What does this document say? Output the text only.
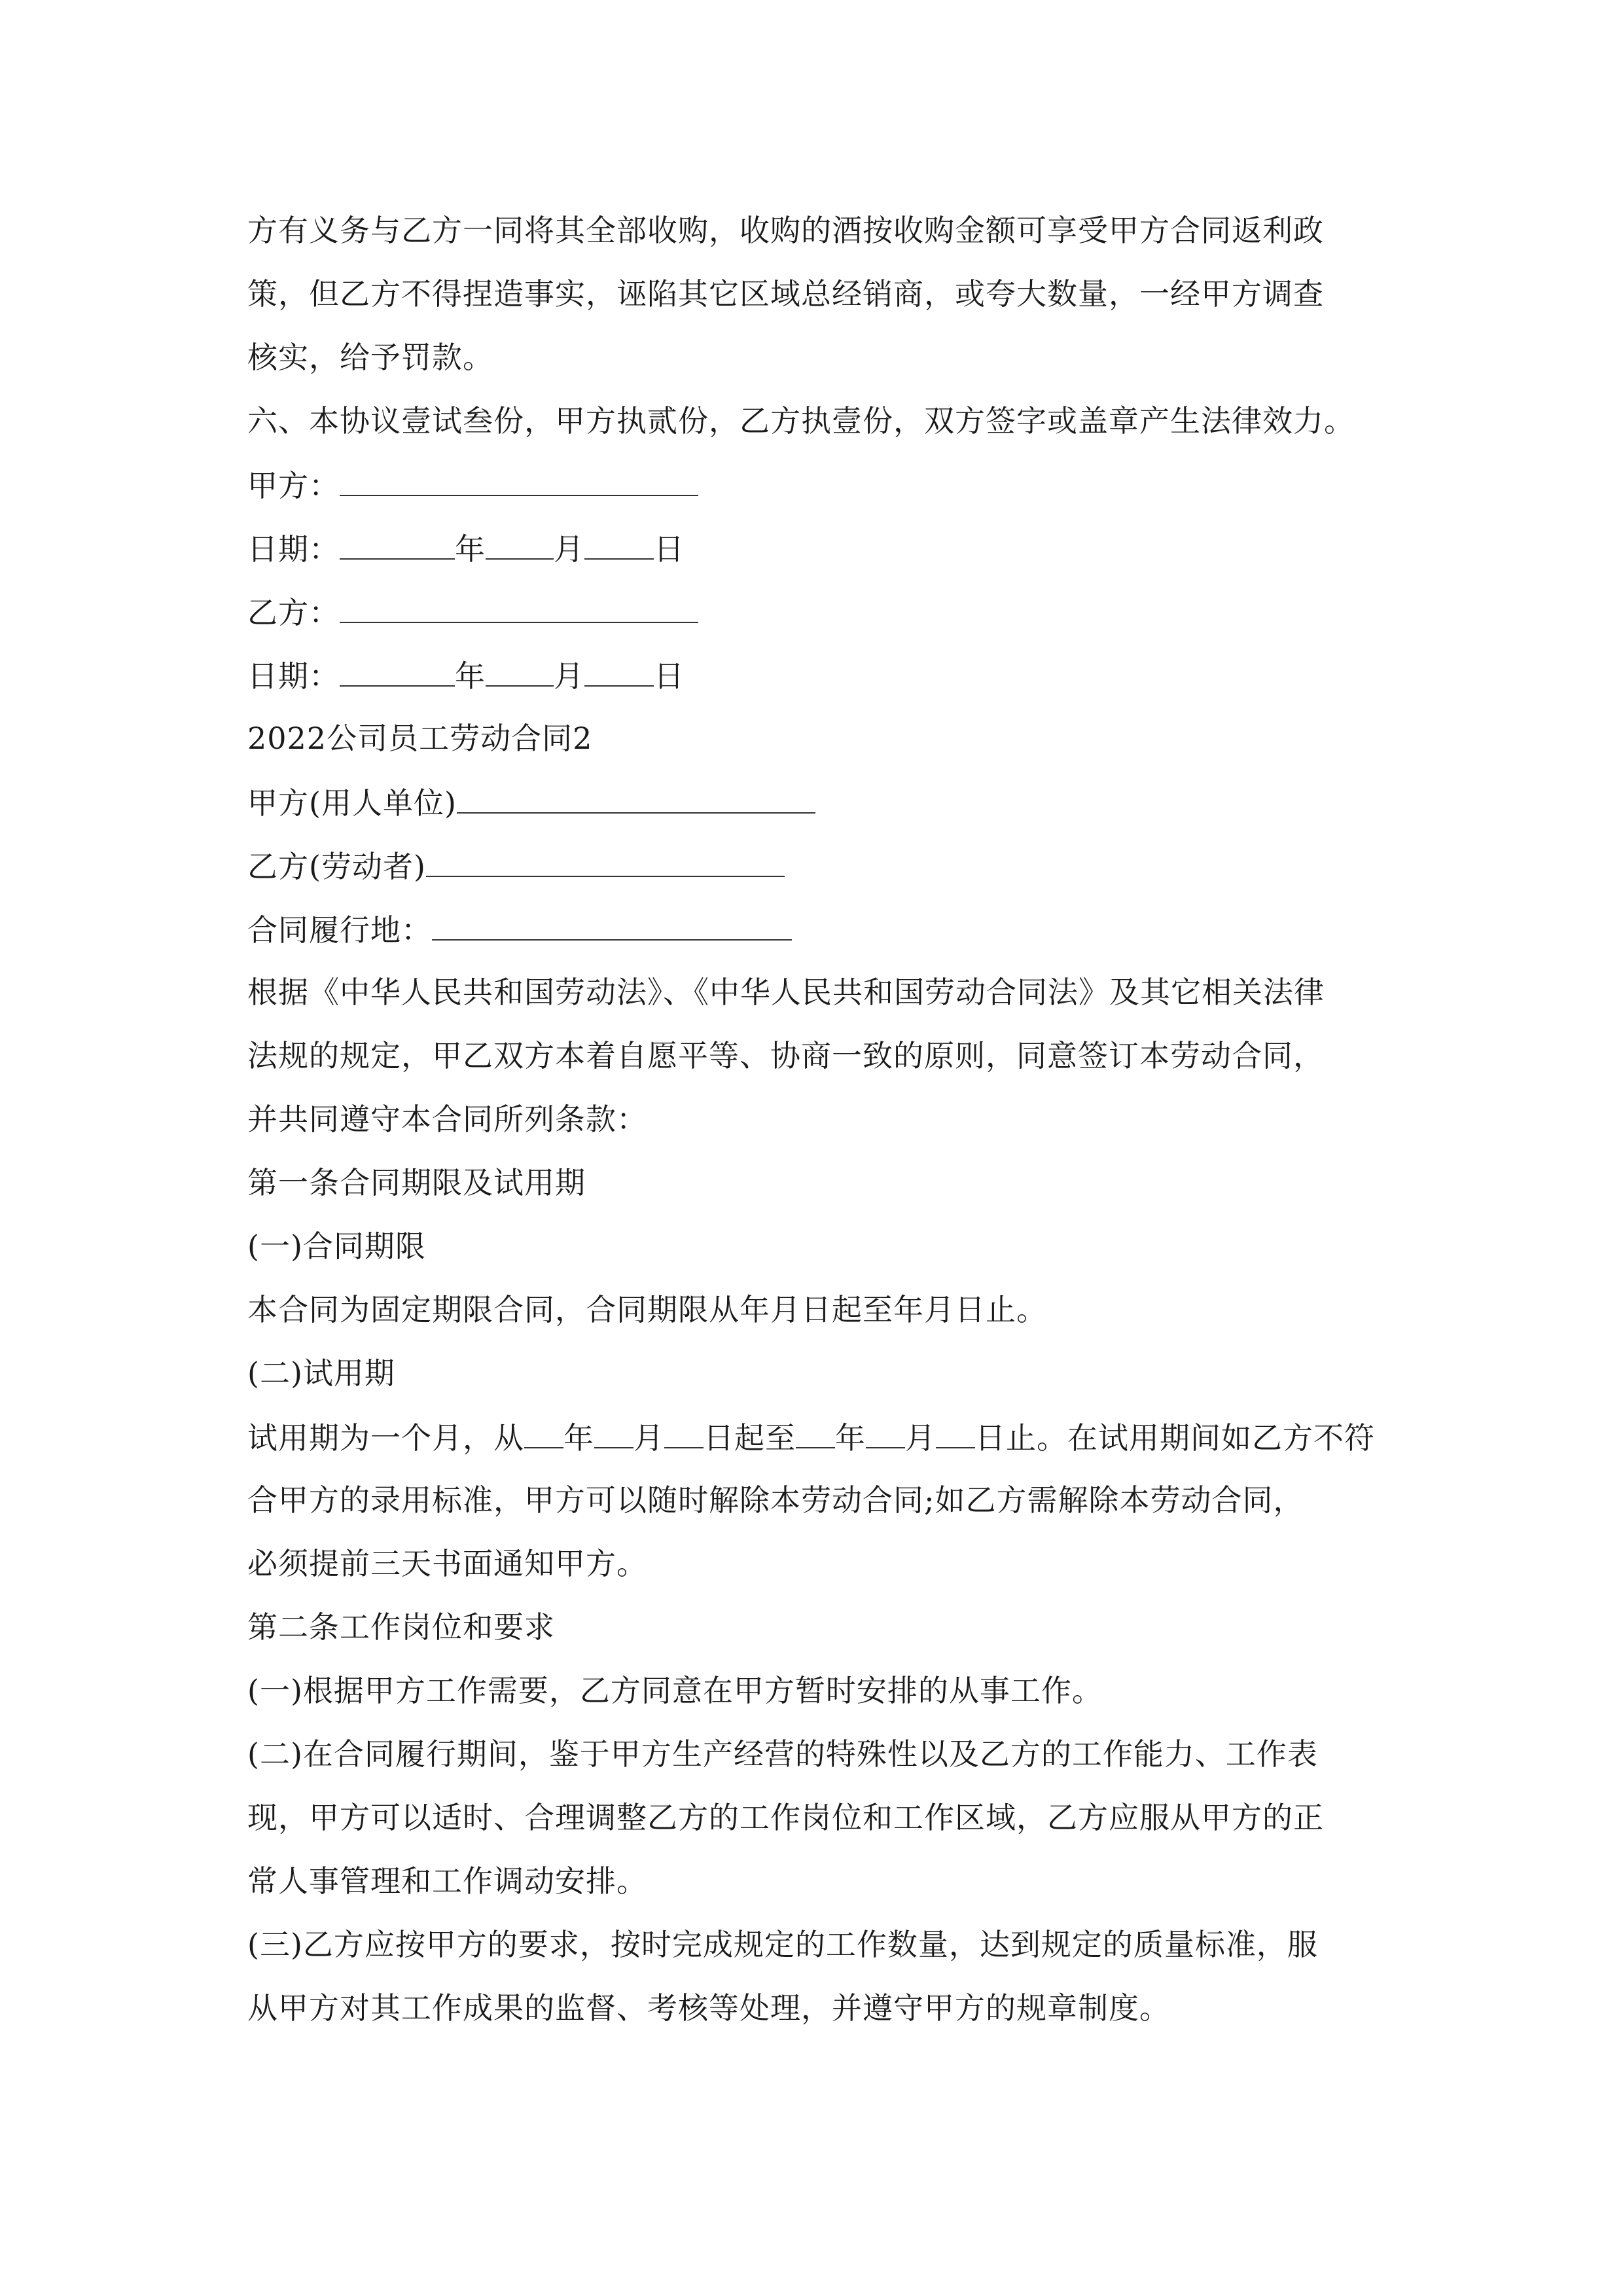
方有义务与乙方一同将其全部收购，收购的酒按收购金额可享受甲方合同返利政
策，但乙方不得捏造事实，诬陷其它区域总经销商，或夸大数量，一经甲方调查
核实，给予罚款。
六、本协议壹试叁份，甲方执贰份，乙方执壹份，双方签字或盖章产生法律效力。
甲方：
日期：	年 月 日
乙方：
日期：	年 月 日
2022公司员工劳动合同2
甲方(用人单位)
乙方(劳动者)
合同履行地：
根据《中华人民共和国劳动法》、《中华人民共和国劳动合同法》及其它相关法律
法规的规定，甲乙双方本着自愿平等、协商一致的原则，同意签订本劳动合同，
并共同遵守本合同所列条款：
第一条合同期限及试用期
(一)合同期限
本合同为固定期限合同，合同期限从年月日起至年月日止。
(二)试用期
试用期为一个月，从 年 月 日起至 年 月 日止。在试用期间如乙方不符
合甲方的录用标准，甲方可以随时解除本劳动合同;如乙方需解除本劳动合同，
必须提前三天书面通知甲方。
第二条工作岗位和要求
(一)根据甲方工作需要，乙方同意在甲方暂时安排的从事工作。
(二)在合同履行期间，鉴于甲方生产经营的特殊性以及乙方的工作能力、工作表
现，甲方可以适时、合理调整乙方的工作岗位和工作区域，乙方应服从甲方的正
常人事管理和工作调动安排。
(三)乙方应按甲方的要求，按时完成规定的工作数量，达到规定的质量标准，服
从甲方对其工作成果的监督、考核等处理，并遵守甲方的规章制度。
